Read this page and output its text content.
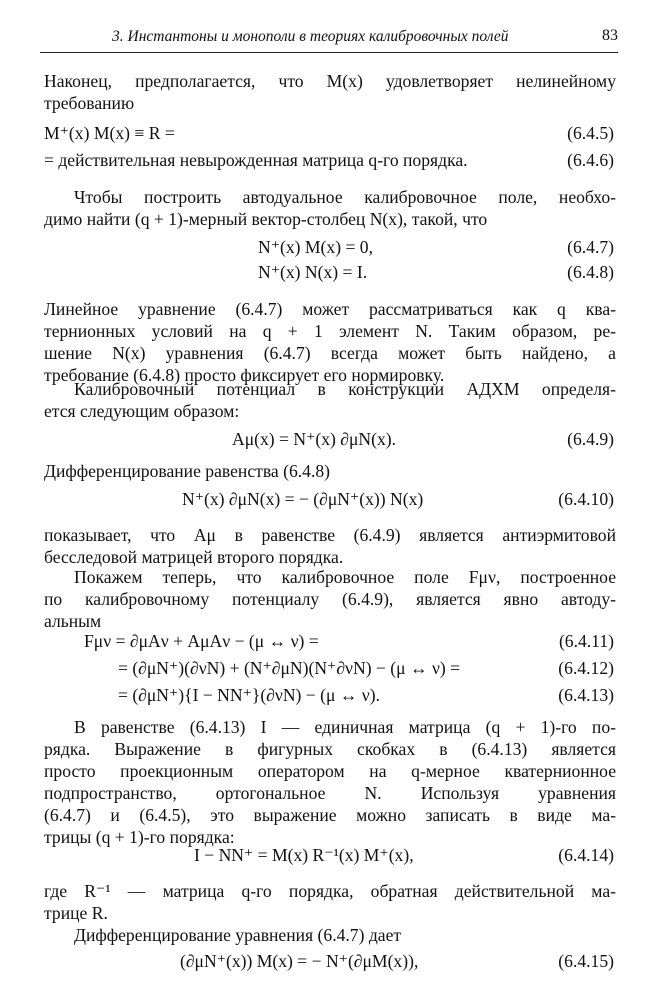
3. Инстантоны и монополи в теориях калибровочных полей	83
Наконец, предполагается, что M(x) удовлетворяет нелинейному
требованию
M⁺(x) M(x) ≡ R =	(6.4.5)
= действительная невырожденная матрица q-го порядка.	(6.4.6)
Чтобы построить автодуальное калибровочное поле, необхо-
димо найти (q + 1)-мерный вектор-столбец N(x), такой, что
N⁺(x) M(x) = 0,	(6.4.7)
N⁺(x) N(x) = I.	(6.4.8)
Линейное уравнение (6.4.7) может рассматриваться как q ква-
тернионных условий на q + 1 элемент N. Таким образом, ре-
шение N(x) уравнения (6.4.7) всегда может быть найдено, а
требование (6.4.8) просто фиксирует его нормировку.
Калибровочный потенциал в конструкции АДХМ определя-
ется следующим образом:
Aμ(x) = N⁺(x) ∂μN(x).	(6.4.9)
Дифференцирование равенства (6.4.8)
N⁺(x) ∂μN(x) = − (∂μN⁺(x)) N(x)	(6.4.10)
показывает, что Aμ в равенстве (6.4.9) является антиэрмитовой
бесследовой матрицей второго порядка.
Покажем теперь, что калибровочное поле Fμν, построенное
по калибровочному потенциалу (6.4.9), является явно автоду-
альным
Fμν = ∂μAν + AμAν − (μ ↔ ν) =	(6.4.11)
= (∂μN⁺)(∂νN) + (N⁺∂μN)(N⁺∂νN) − (μ ↔ ν) =	(6.4.12)
= (∂μN⁺){I − NN⁺}(∂νN) − (μ ↔ ν).	(6.4.13)
В равенстве (6.4.13) I — единичная матрица (q + 1)-го по-
рядка. Выражение в фигурных скобках в (6.4.13) является
просто проекционным оператором на q-мерное кватернионное
подпространство, ортогональное N. Используя уравнения
(6.4.7) и (6.4.5), это выражение можно записать в виде ма-
трицы (q + 1)-го порядка:
I − NN⁺ = M(x) R⁻¹(x) M⁺(x),	(6.4.14)
где R⁻¹ — матрица q-го порядка, обратная действительной ма-
трице R.
Дифференцирование уравнения (6.4.7) дает
(∂μN⁺(x)) M(x) = − N⁺(∂μM(x)),	(6.4.15)
